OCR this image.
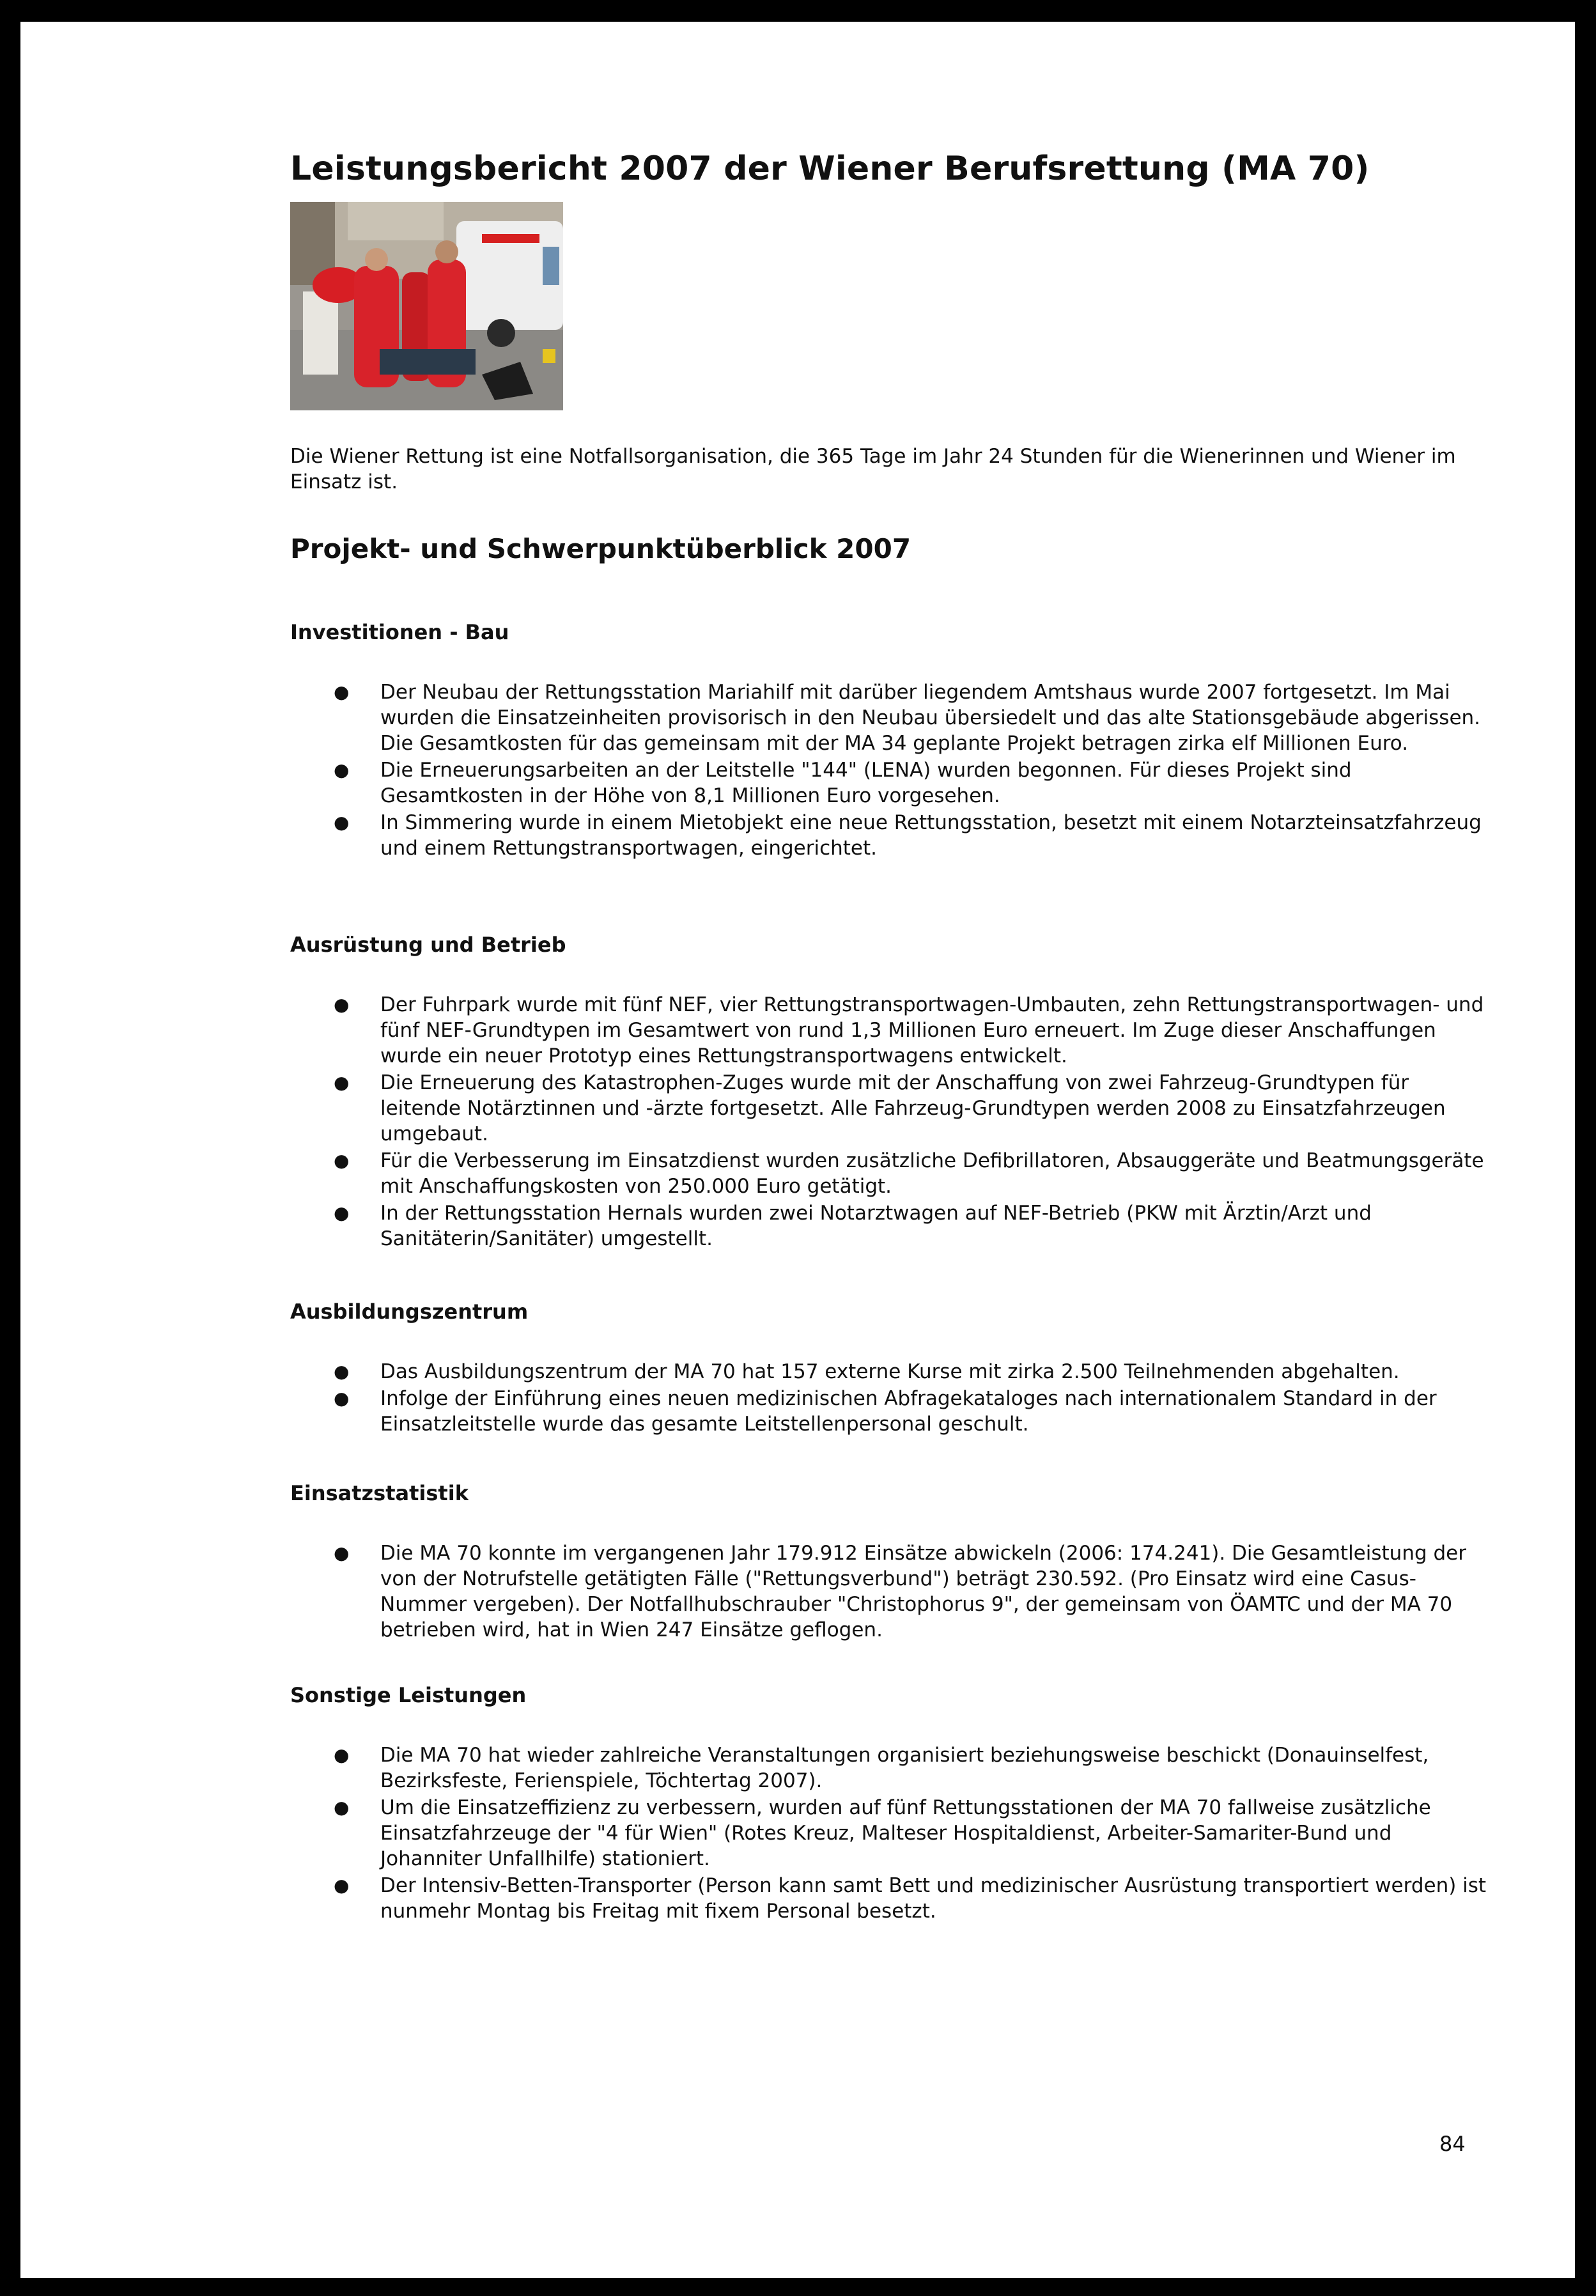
Leistungsbericht 2007 der Wiener Berufsrettung (MA 70)

Die Wiener Rettung ist eine Notfallsorganisation, die 365 Tage im Jahr 24 Stunden für die Wienerinnen und Wiener im Einsatz ist.

Projekt- und Schwerpunktüberblick 2007
Investitionen - Bau
● Der Neubau der Rettungsstation Mariahilf mit darüber liegendem Amtshaus wurde 2007 fortgesetzt. Im Mai wurden die Einsatzeinheiten provisorisch in den Neubau übersiedelt und das alte Stationsgebäude abgerissen. Die Gesamtkosten für das gemeinsam mit der MA 34 geplante Projekt betragen zirka elf Millionen Euro.
● Die Erneuerungsarbeiten an der Leitstelle "144" (LENA) wurden begonnen. Für dieses Projekt sind Gesamtkosten in der Höhe von 8,1 Millionen Euro vorgesehen.
● In Simmering wurde in einem Mietobjekt eine neue Rettungsstation, besetzt mit einem Notarzteinsatzfahrzeug und einem Rettungstransportwagen, eingerichtet.
Ausrüstung und Betrieb
● Der Fuhrpark wurde mit fünf NEF, vier Rettungstransportwagen-Umbauten, zehn Rettungstransportwagen- und fünf NEF-Grundtypen im Gesamtwert von rund 1,3 Millionen Euro erneuert. Im Zuge dieser Anschaffungen wurde ein neuer Prototyp eines Rettungstransportwagens entwickelt.
● Die Erneuerung des Katastrophen-Zuges wurde mit der Anschaffung von zwei Fahrzeug-Grundtypen für leitende Notärztinnen und -ärzte fortgesetzt. Alle Fahrzeug-Grundtypen werden 2008 zu Einsatzfahrzeugen umgebaut.
● Für die Verbesserung im Einsatzdienst wurden zusätzliche Defibrillatoren, Absauggeräte und Beatmungsgeräte mit Anschaffungskosten von 250.000 Euro getätigt.
● In der Rettungsstation Hernals wurden zwei Notarztwagen auf NEF-Betrieb (PKW mit Ärztin/Arzt und Sanitäterin/Sanitäter) umgestellt.
Ausbildungszentrum
● Das Ausbildungszentrum der MA 70 hat 157 externe Kurse mit zirka 2.500 Teilnehmenden abgehalten.
● Infolge der Einführung eines neuen medizinischen Abfragekataloges nach internationalem Standard in der Einsatzleitstelle wurde das gesamte Leitstellenpersonal geschult.
Einsatzstatistik
● Die MA 70 konnte im vergangenen Jahr 179.912 Einsätze abwickeln (2006: 174.241). Die Gesamtleistung der von der Notrufstelle getätigten Fälle ("Rettungsverbund") beträgt 230.592. (Pro Einsatz wird eine Casus-Nummer vergeben). Der Notfallhubschrauber "Christophorus 9", der gemeinsam von ÖAMTC und der MA 70 betrieben wird, hat in Wien 247 Einsätze geflogen.
Sonstige Leistungen
● Die MA 70 hat wieder zahlreiche Veranstaltungen organisiert beziehungsweise beschickt (Donauinselfest, Bezirksfeste, Ferienspiele, Töchtertag 2007).
● Um die Einsatzeffizienz zu verbessern, wurden auf fünf Rettungsstationen der MA 70 fallweise zusätzliche Einsatzfahrzeuge der "4 für Wien" (Rotes Kreuz, Malteser Hospitaldienst, Arbeiter-Samariter-Bund und Johanniter Unfallhilfe) stationiert.
● Der Intensiv-Betten-Transporter (Person kann samt Bett und medizinischer Ausrüstung transportiert werden) ist nunmehr Montag bis Freitag mit fixem Personal besetzt.
84
